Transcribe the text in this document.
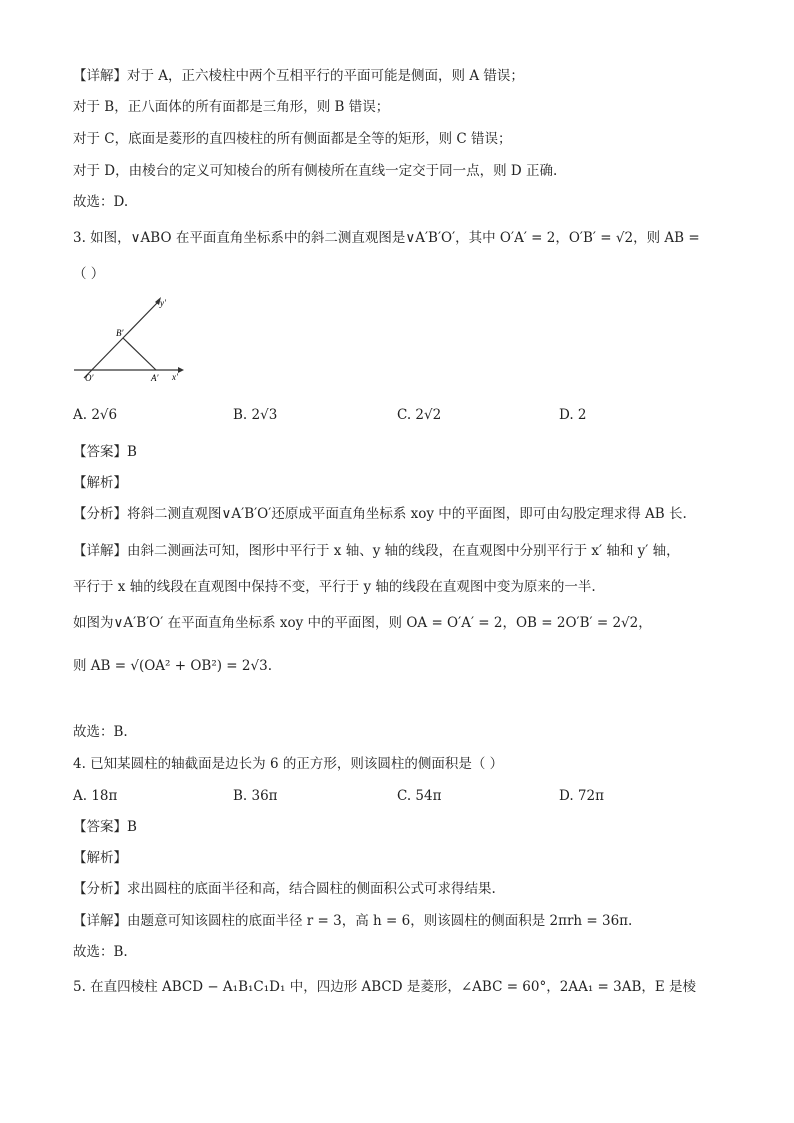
【详解】对于 A，正六棱柱中两个互相平行的平面可能是侧面，则 A 错误；
对于 B，正八面体的所有面都是三角形，则 B 错误；
对于 C，底面是菱形的直四棱柱的所有侧面都是全等的矩形，则 C 错误；
对于 D，由棱台的定义可知棱台的所有侧棱所在直线一定交于同一点，则 D 正确.
故选：D.
3. 如图，∨ABO 在平面直角坐标系中的斜二测直观图是∨A′B′O′，其中 O′A′ = 2，O′B′ = √2，则 AB =
（ ）
B′
O′	A′ x′
y′
A. 2√6	B. 2√3	C. 2√2	D. 2
【答案】B
【解析】
【分析】将斜二测直观图∨A′B′O′还原成平面直角坐标系 xoy 中的平面图，即可由勾股定理求得 AB 长.
【详解】由斜二测画法可知，图形中平行于 x 轴、y 轴的线段，在直观图中分别平行于 x′ 轴和 y′ 轴，
平行于 x 轴的线段在直观图中保持不变，平行于 y 轴的线段在直观图中变为原来的一半.
如图为∨A′B′O′ 在平面直角坐标系 xoy 中的平面图，则 OA = O′A′ = 2，OB = 2O′B′ = 2√2，
则 AB = √(OA² + OB²) = 2√3.
故选：B.
4. 已知某圆柱的轴截面是边长为 6 的正方形，则该圆柱的侧面积是（ ）
A. 18π	B. 36π	C. 54π	D. 72π
【答案】B
【解析】
【分析】求出圆柱的底面半径和高，结合圆柱的侧面积公式可求得结果.
【详解】由题意可知该圆柱的底面半径 r = 3，高 h = 6，则该圆柱的侧面积是 2πrh = 36π.
故选：B.
5. 在直四棱柱 ABCD − A₁B₁C₁D₁ 中，四边形 ABCD 是菱形，∠ABC = 60°，2AA₁ = 3AB，E 是棱
